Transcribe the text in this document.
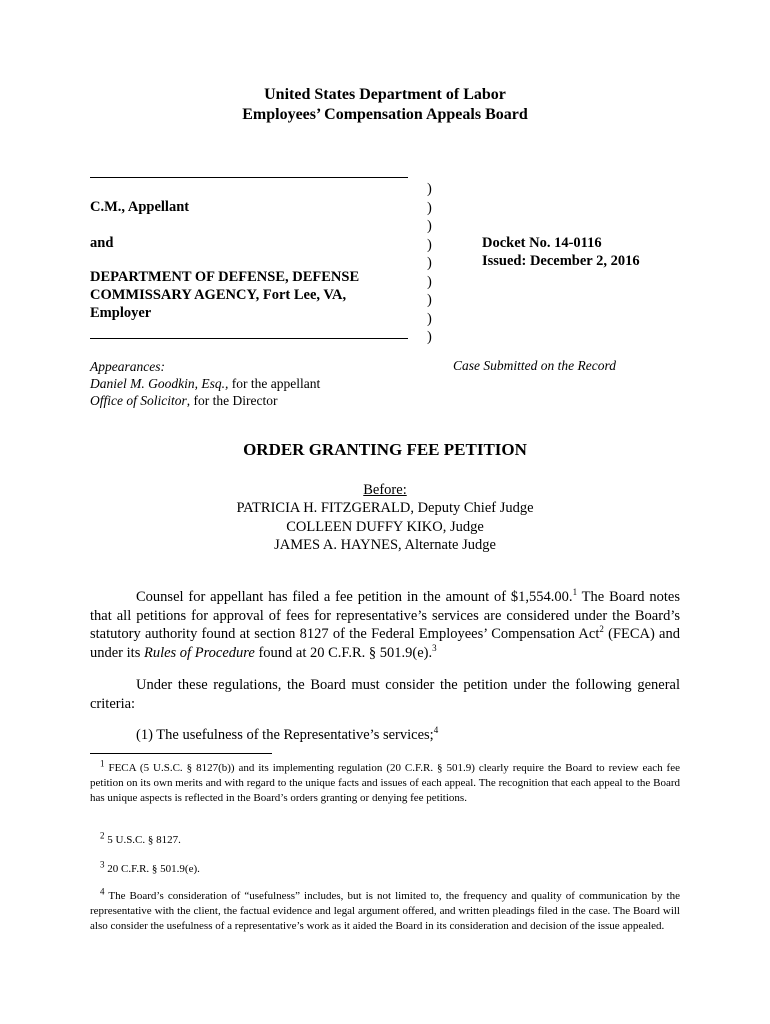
United States Department of Labor
Employees’ Compensation Appeals Board
C.M., Appellant
and
DEPARTMENT OF DEFENSE, DEFENSE
COMMISSARY AGENCY, Fort Lee, VA,
Employer
)
)
)
)
)
)
)
)
)
Docket No. 14-0116
Issued: December 2, 2016
Appearances:
Daniel M. Goodkin, Esq., for the appellant
Office of Solicitor, for the Director
Case Submitted on the Record
ORDER GRANTING FEE PETITION
Before:
PATRICIA H. FITZGERALD, Deputy Chief Judge
COLLEEN DUFFY KIKO, Judge
JAMES A. HAYNES, Alternate Judge
Counsel for appellant has filed a fee petition in the amount of $1,554.00.$^1$ The Board notes that all petitions for approval of fees for representative’s services are considered under the Board’s statutory authority found at section 8127 of the Federal Employees’ Compensation Act$^2$ (FECA) and under its Rules of Procedure found at 20 C.F.R. § 501.9(e).$^3$
Under these regulations, the Board must consider the petition under the following general criteria:
(1) The usefulness of the Representative’s services;$^4$
$^1$ FECA (5 U.S.C. § 8127(b)) and its implementing regulation (20 C.F.R. § 501.9) clearly require the Board to review each fee petition on its own merits and with regard to the unique facts and issues of each appeal. The recognition that each appeal to the Board has unique aspects is reflected in the Board’s orders granting or denying fee petitions.
$^2$ 5 U.S.C. § 8127.
$^3$ 20 C.F.R. § 501.9(e).
$^4$ The Board’s consideration of “usefulness” includes, but is not limited to, the frequency and quality of communication by the representative with the client, the factual evidence and legal argument offered, and written pleadings filed in the case. The Board will also consider the usefulness of a representative’s work as it aided the Board in its consideration and decision of the issue appealed.
